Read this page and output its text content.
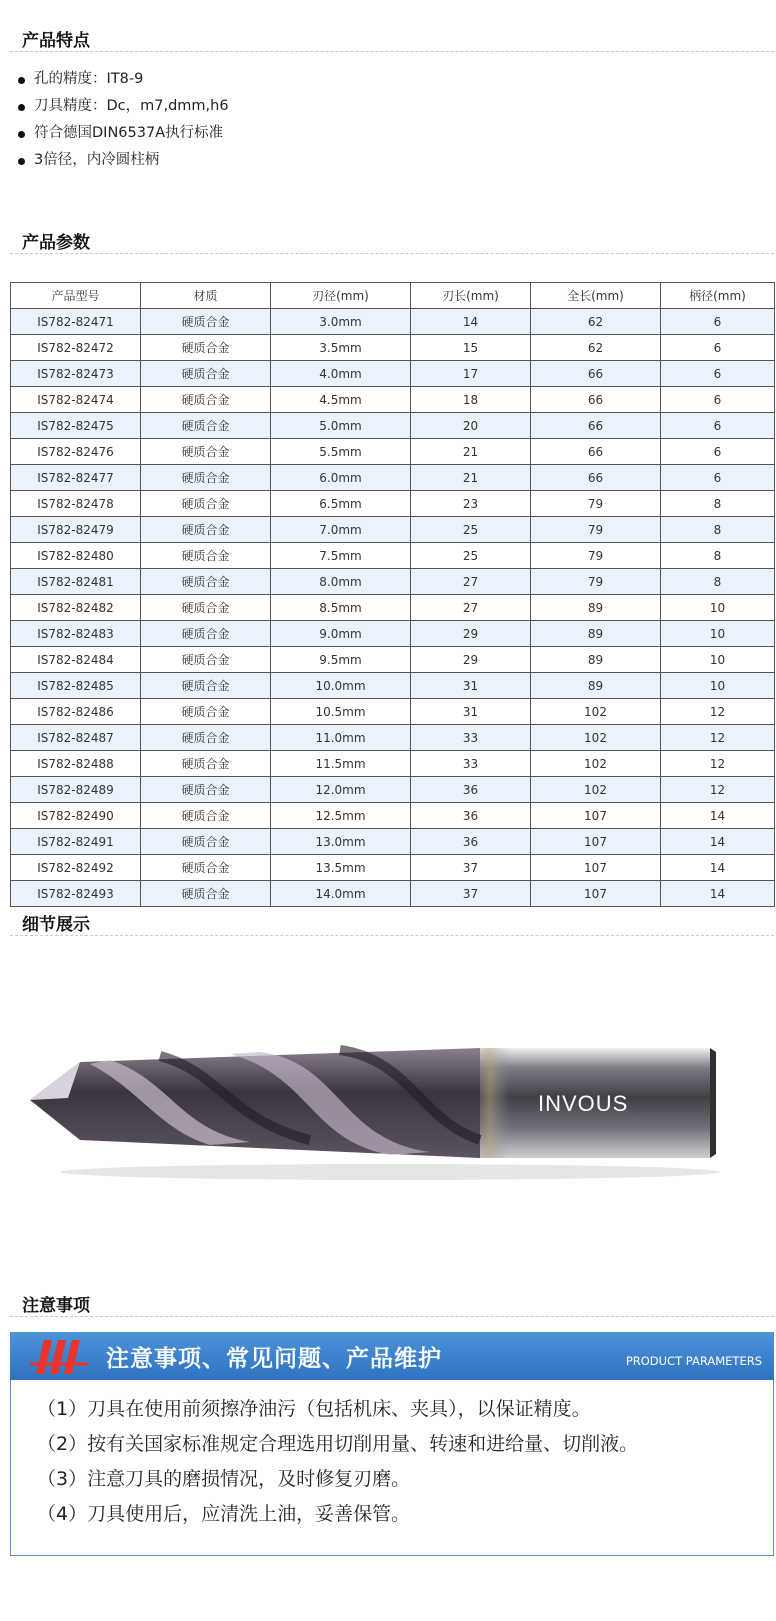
产品特点
孔的精度：IT8-9
刀具精度：Dc，m7,dmm,h6
符合德国DIN6537A执行标准
3倍径，内冷圆柱柄
产品参数
产品型号	材质	刃径(mm)	刃长(mm)	全长(mm)	柄径(mm)
IS782-82471	硬质合金	3.0mm	14	62	6
IS782-82472	硬质合金	3.5mm	15	62	6
IS782-82473	硬质合金	4.0mm	17	66	6
IS782-82474	硬质合金	4.5mm	18	66	6
IS782-82475	硬质合金	5.0mm	20	66	6
IS782-82476	硬质合金	5.5mm	21	66	6
IS782-82477	硬质合金	6.0mm	21	66	6
IS782-82478	硬质合金	6.5mm	23	79	8
IS782-82479	硬质合金	7.0mm	25	79	8
IS782-82480	硬质合金	7.5mm	25	79	8
IS782-82481	硬质合金	8.0mm	27	79	8
IS782-82482	硬质合金	8.5mm	27	89	10
IS782-82483	硬质合金	9.0mm	29	89	10
IS782-82484	硬质合金	9.5mm	29	89	10
IS782-82485	硬质合金	10.0mm	31	89	10
IS782-82486	硬质合金	10.5mm	31	102	12
IS782-82487	硬质合金	11.0mm	33	102	12
IS782-82488	硬质合金	11.5mm	33	102	12
IS782-82489	硬质合金	12.0mm	36	102	12
IS782-82490	硬质合金	12.5mm	36	107	14
IS782-82491	硬质合金	13.0mm	36	107	14
IS782-82492	硬质合金	13.5mm	37	107	14
IS782-82493	硬质合金	14.0mm	37	107	14
细节展示
INVOUS
注意事项
注意事项、常见问题、产品维护	PRODUCT PARAMETERS
（1）刀具在使用前须擦净油污（包括机床、夹具），以保证精度。
（2）按有关国家标准规定合理选用切削用量、转速和进给量、切削液。
（3）注意刀具的磨损情况，及时修复刃磨。
（4）刀具使用后，应清洗上油，妥善保管。
